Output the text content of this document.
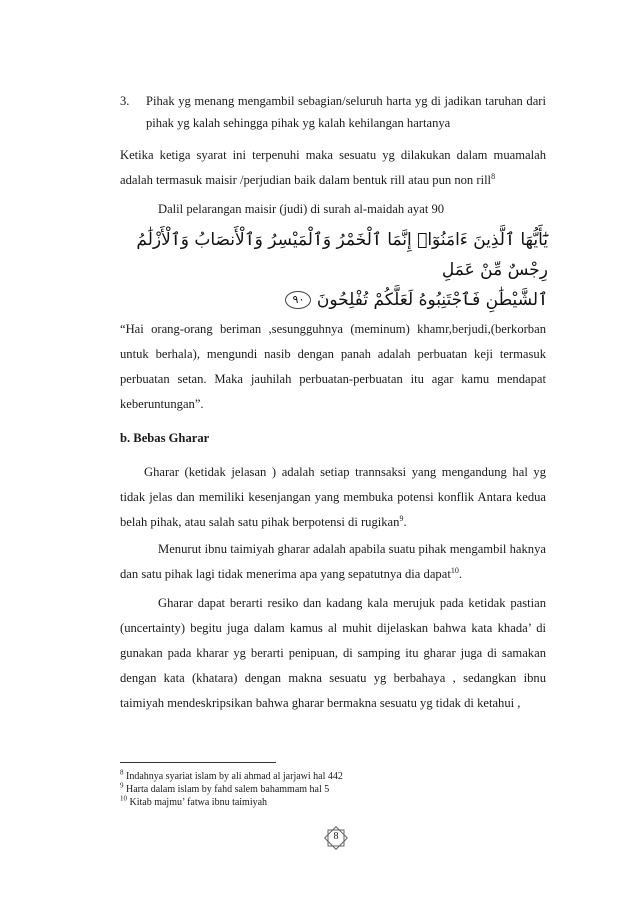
3. Pihak yg menang mengambil sebagian/seluruh harta yg di jadikan taruhan dari pihak yg kalah sehingga pihak yg kalah kehilangan hartanya

Ketika ketiga syarat ini terpenuhi maka sesuatu yg dilakukan dalam muamalah adalah termasuk maisir /perjudian baik dalam bentuk rill atau pun non rill$^8$

Dalil pelarangan maisir (judi) di surah al-maidah ayat 90

يَٰٓأَيُّهَا ٱلَّذِينَ ءَامَنُوٓا۟ إِنَّمَا ٱلْخَمْرُ وَٱلْمَيْسِرُ وَٱلْأَنصَابُ وَٱلْأَزْلَٰمُ رِجْسٌ مِّنْ عَمَلِ
ٱلشَّيْطَٰنِ فَٱجْتَنِبُوهُ لَعَلَّكُمْ تُفْلِحُونَ ٩٠

“Hai orang-orang beriman ,sesungguhnya (meminum) khamr,berjudi,(berkorban untuk berhala), mengundi nasib dengan panah adalah perbuatan keji termasuk perbuatan setan. Maka jauhilah perbuatan-perbuatan itu agar kamu mendapat keberuntungan”.

b. Bebas Gharar

Gharar (ketidak jelasan ) adalah setiap trannsaksi yang mengandung hal yg tidak jelas dan memiliki kesenjangan yang membuka potensi konflik Antara kedua belah pihak, atau salah satu pihak berpotensi di rugikan$^9$.

Menurut ibnu taimiyah gharar adalah apabila suatu pihak mengambil haknya dan satu pihak lagi tidak menerima apa yang sepatutnya dia dapat$^{10}$.

Gharar dapat berarti resiko dan kadang kala merujuk pada ketidak pastian (uncertainty) begitu juga dalam kamus al muhit dijelaskan bahwa kata khada’ di gunakan pada kharar yg berarti penipuan, di samping itu gharar juga di samakan dengan kata (khatara) dengan makna sesuatu yg berbahaya , sedangkan ibnu taimiyah mendeskripsikan bahwa gharar bermakna sesuatu yg tidak di ketahui ,

$^8$ Indahnya syariat islam by ali ahmad al jarjawi hal 442
$^9$ Harta dalam islam by fahd salem bahammam hal 5
$^{10}$ Kitab majmu’ fatwa ibnu taimiyah
8
